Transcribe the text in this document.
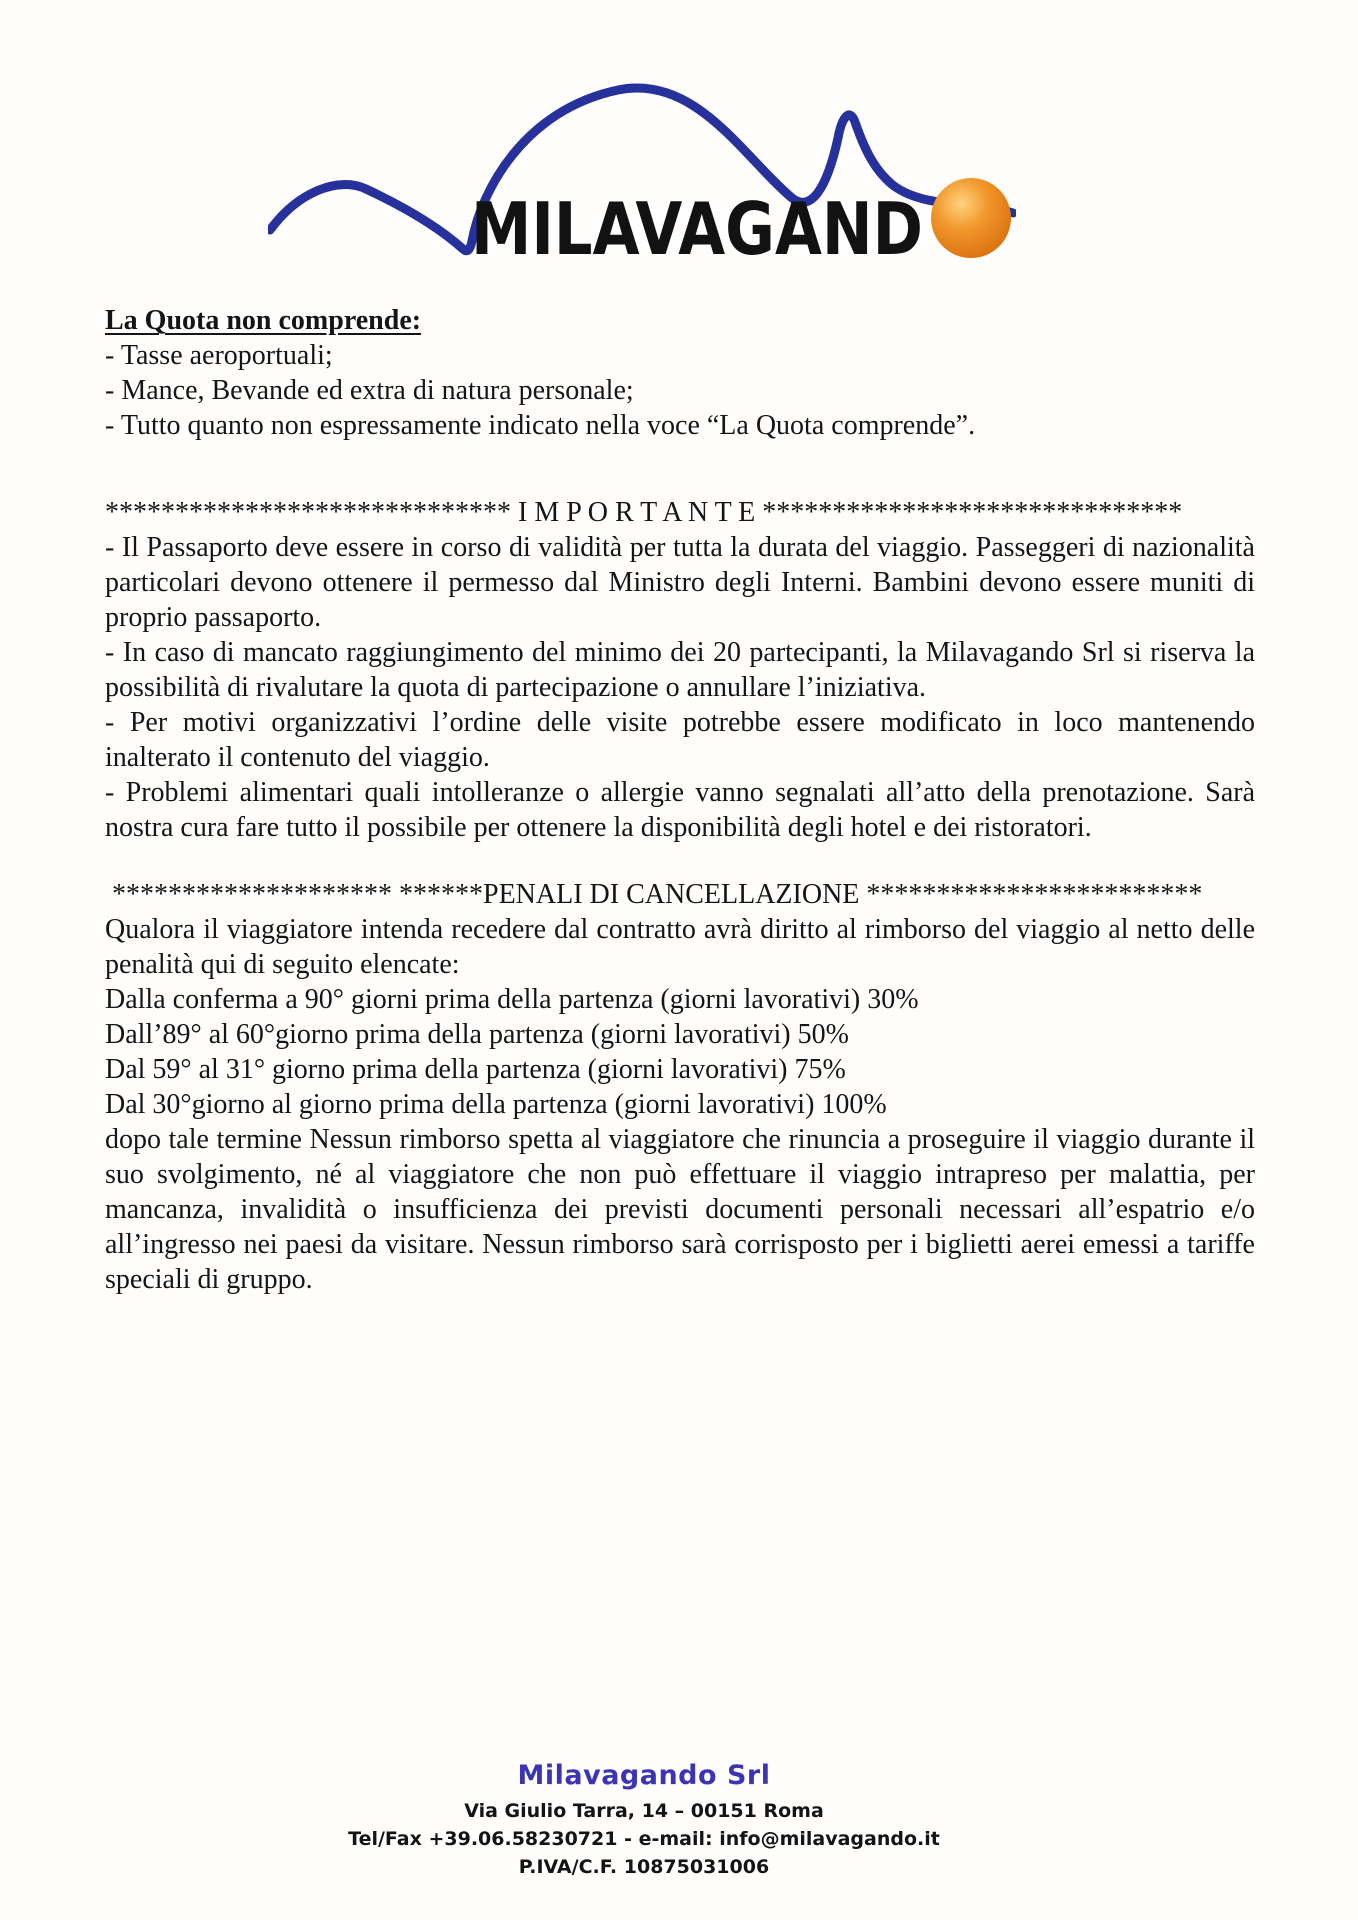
MILAVAGAND
La Quota non comprende:

- Tasse aeroportuali;

- Mance, Bevande ed extra di natura personale;

- Tutto quanto non espressamente indicato nella voce “La Quota comprende”.

***************************** I M P O R T A N T E ******************************

- Il Passaporto deve essere in corso di validità per tutta la durata del viaggio. Passeggeri di nazionalità particolari devono ottenere il permesso dal Ministro degli Interni. Bambini devono essere muniti di proprio passaporto.

- In caso di mancato raggiungimento del minimo dei 20 partecipanti, la Milavagando Srl si riserva la possibilità di rivalutare la quota di partecipazione o annullare l’iniziativa.

- Per motivi organizzativi l’ordine delle visite potrebbe essere modificato in loco mantenendo inalterato il contenuto del viaggio.

- Problemi alimentari quali intolleranze o allergie vanno segnalati all’atto della prenotazione. Sarà nostra cura fare tutto il possibile per ottenere la disponibilità degli hotel e dei ristoratori.

******************** ******PENALI DI CANCELLAZIONE ************************

Qualora il viaggiatore intenda recedere dal contratto avrà diritto al rimborso del viaggio al netto delle penalità qui di seguito elencate:

Dalla conferma a 90° giorni prima della partenza (giorni lavorativi) 30%

Dall’89° al 60°giorno prima della partenza (giorni lavorativi) 50%

Dal 59° al 31° giorno prima della partenza (giorni lavorativi) 75%

Dal 30°giorno al giorno prima della partenza (giorni lavorativi) 100%

dopo tale termine Nessun rimborso spetta al viaggiatore che rinuncia a proseguire il viaggio durante il suo svolgimento, né al viaggiatore che non può effettuare il viaggio intrapreso per malattia, per mancanza, invalidità o insufficienza dei previsti documenti personali necessari all’espatrio e/o all’ingresso nei paesi da visitare. Nessun rimborso sarà corrisposto per i biglietti aerei emessi a tariffe speciali di gruppo.

Milavagando Srl
Via Giulio Tarra, 14 – 00151 Roma
Tel/Fax +39.06.58230721 - e-mail: info@milavagando.it
P.IVA/C.F. 10875031006
